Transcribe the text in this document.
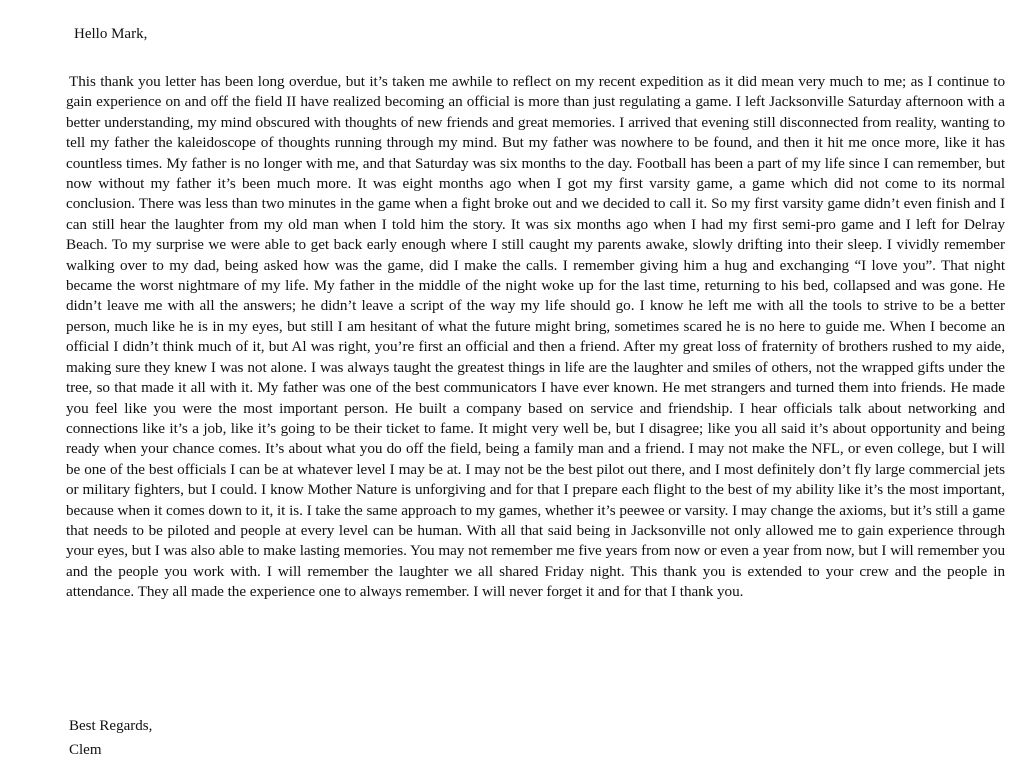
Hello Mark,

This thank you letter has been long overdue, but it’s taken me awhile to reflect on my recent expedition as it did mean very much to me; as I continue to gain experience on and off the field II have realized becoming an official is more than just regulating a game. I left Jacksonville Saturday afternoon with a better understanding, my mind obscured with thoughts of new friends and great memories. I arrived that evening still disconnected from reality, wanting to tell my father the kaleidoscope of thoughts running through my mind. But my father was nowhere to be found, and then it hit me once more, like it has countless times. My father is no longer with me, and that Saturday was six months to the day. Football has been a part of my life since I can remember, but now without my father it’s been much more. It was eight months ago when I got my first varsity game, a game which did not come to its normal conclusion. There was less than two minutes in the game when a fight broke out and we decided to call it. So my first varsity game didn’t even finish and I can still hear the laughter from my old man when I told him the story. It was six months ago when I had my first semi-pro game and I left for Delray Beach. To my surprise we were able to get back early enough where I still caught my parents awake, slowly drifting into their sleep. I vividly remember walking over to my dad, being asked how was the game, did I make the calls. I remember giving him a hug and exchanging “I love you”. That night became the worst nightmare of my life. My father in the middle of the night woke up for the last time, returning to his bed, collapsed and was gone. He didn’t leave me with all the answers; he didn’t leave a script of the way my life should go. I know he left me with all the tools to strive to be a better person, much like he is in my eyes, but still I am hesitant of what the future might bring, sometimes scared he is no here to guide me. When I become an official I didn’t think much of it, but Al was right, you’re first an official and then a friend. After my great loss of fraternity of brothers rushed to my aide, making sure they knew I was not alone. I was always taught the greatest things in life are the laughter and smiles of others, not the wrapped gifts under the tree, so that made it all with it. My father was one of the best communicators I have ever known. He met strangers and turned them into friends. He made you feel like you were the most important person. He built a company based on service and friendship. I hear officials talk about networking and connections like it’s a job, like it’s going to be their ticket to fame. It might very well be, but I disagree; like you all said it’s about opportunity and being ready when your chance comes. It’s about what you do off the field, being a family man and a friend. I may not make the NFL, or even college, but I will be one of the best officials I can be at whatever level I may be at. I may not be the best pilot out there, and I most definitely don’t fly large commercial jets or military fighters, but I could. I know Mother Nature is unforgiving and for that I prepare each flight to the best of my ability like it’s the most important, because when it comes down to it, it is. I take the same approach to my games, whether it’s peewee or varsity. I may change the axioms, but it’s still a game that needs to be piloted and people at every level can be human. With all that said being in Jacksonville not only allowed me to gain experience through your eyes, but I was also able to make lasting memories. You may not remember me five years from now or even a year from now, but I will remember you and the people you work with. I will remember the laughter we all shared Friday night. This thank you is extended to your crew and the people in attendance. They all made the experience one to always remember. I will never forget it and for that I thank you.

Best Regards,
Clem
